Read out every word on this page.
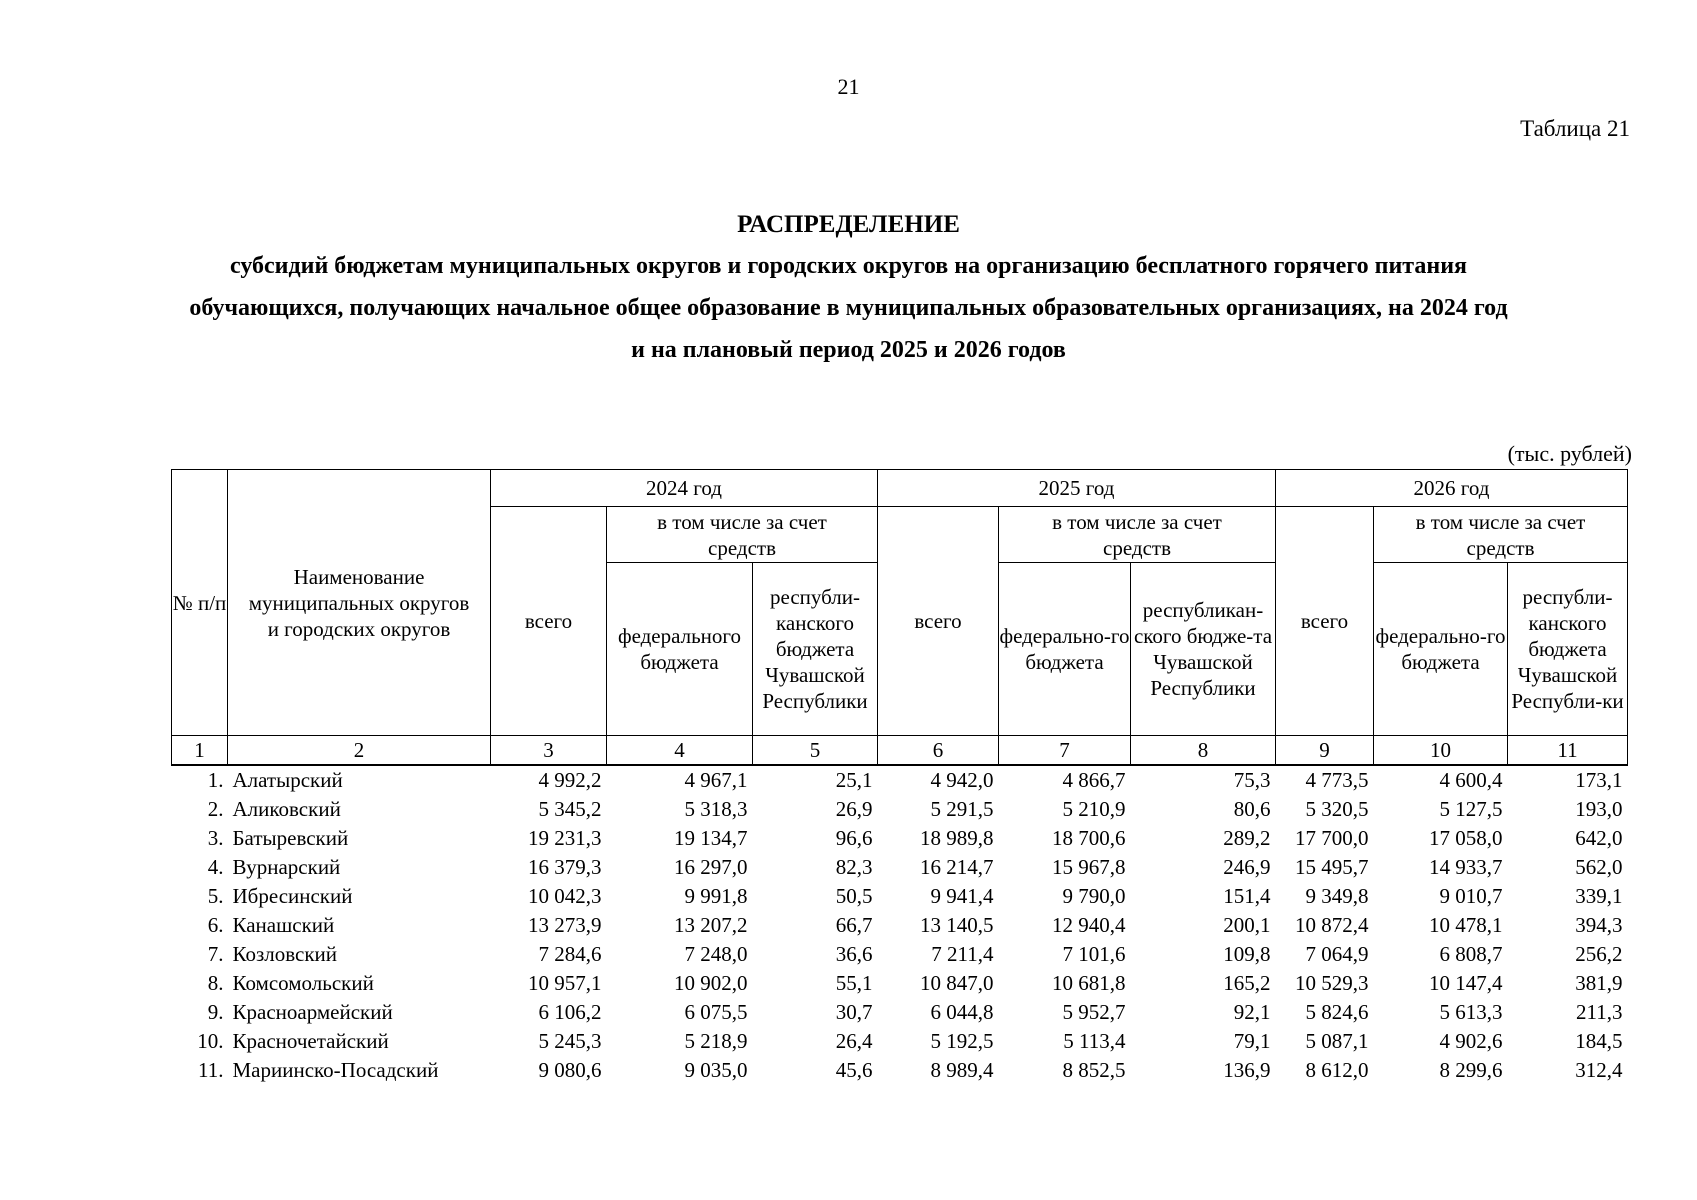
21
Таблица 21
РАСПРЕДЕЛЕНИЕ
субсидий бюджетам муниципальных округов и городских округов на организацию бесплатного горячего питания обучающихся, получающих начальное общее образование в муниципальных образовательных организациях, на 2024 год и на плановый период 2025 и 2026 годов
(тыс. рублей)
№ п/п	Наименование муниципальных округов и городских округов	2024 год			2025 год			2026 год		
		всего	в том числе за счет средств		всего	в том числе за счет средств		всего	в том числе за счет средств	
			федерального бюджета	республи-канского бюджета Чувашской Республики		федерально-го бюджета	республикан-ского бюдже-та Чувашской Республики		федерально-го бюджета	республи-канского бюджета Чувашской Республи-ки
1	2	3	4	5	6	7	8	9	10	11
1.	Алатырский	4 992,2	4 967,1	25,1	4 942,0	4 866,7	75,3	4 773,5	4 600,4	173,1
2.	Аликовский	5 345,2	5 318,3	26,9	5 291,5	5 210,9	80,6	5 320,5	5 127,5	193,0
3.	Батыревский	19 231,3	19 134,7	96,6	18 989,8	18 700,6	289,2	17 700,0	17 058,0	642,0
4.	Вурнарский	16 379,3	16 297,0	82,3	16 214,7	15 967,8	246,9	15 495,7	14 933,7	562,0
5.	Ибресинский	10 042,3	9 991,8	50,5	9 941,4	9 790,0	151,4	9 349,8	9 010,7	339,1
6.	Канашский	13 273,9	13 207,2	66,7	13 140,5	12 940,4	200,1	10 872,4	10 478,1	394,3
7.	Козловский	7 284,6	7 248,0	36,6	7 211,4	7 101,6	109,8	7 064,9	6 808,7	256,2
8.	Комсомольский	10 957,1	10 902,0	55,1	10 847,0	10 681,8	165,2	10 529,3	10 147,4	381,9
9.	Красноармейский	6 106,2	6 075,5	30,7	6 044,8	5 952,7	92,1	5 824,6	5 613,3	211,3
10.	Красночетайский	5 245,3	5 218,9	26,4	5 192,5	5 113,4	79,1	5 087,1	4 902,6	184,5
11.	Мариинско-Посадский	9 080,6	9 035,0	45,6	8 989,4	8 852,5	136,9	8 612,0	8 299,6	312,4
